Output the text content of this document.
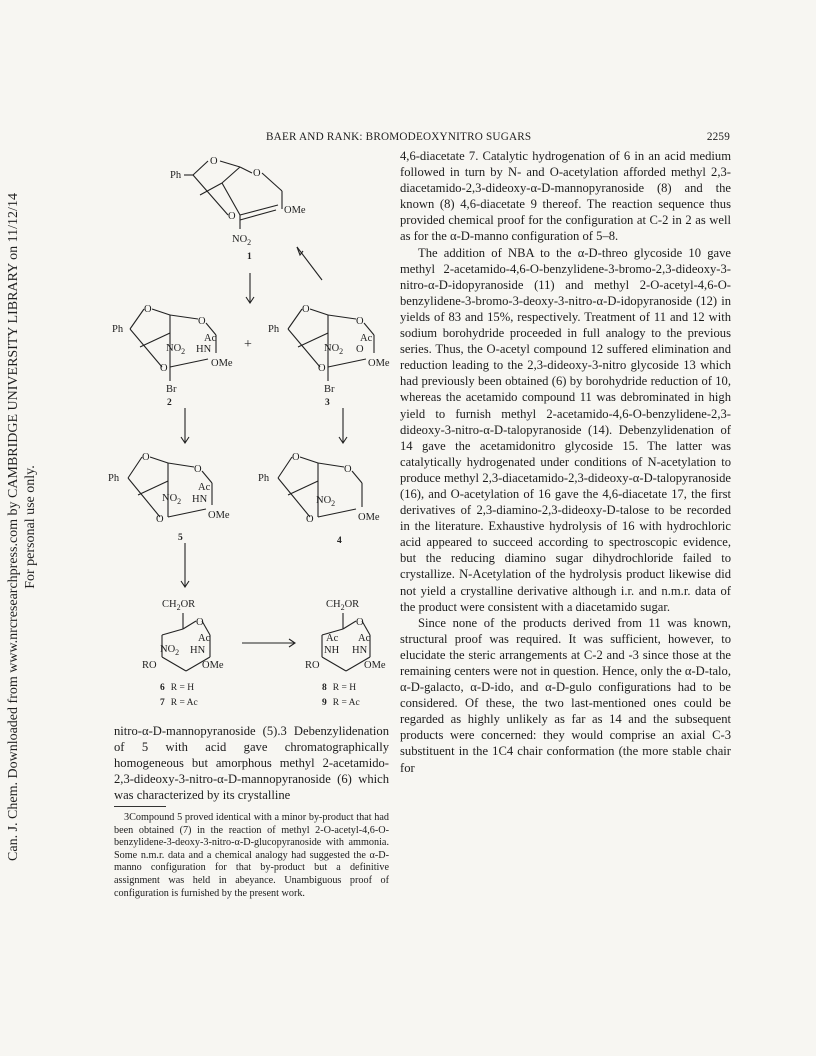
Can. J. Chem. Downloaded from www.nrcresearchpress.com by CAMBRIDGE UNIVERSITY LIBRARY on 11/12/14 For personal use only.
BAER AND RANK: BROMODEOXYNITRO SUGARS	2259
Ph
O
O
O
OMe
$NO_2$
1
Ph
O
O
Ac
$NO_2$ HN
OMe
O
Br
2
+
Ph
O
O
Ac
$NO_2$ O
OMe
O
Br
3
Ph
O
O
Ac
$NO_2$ HN
OMe
O
5
Ph
O
O
$NO_2$
OMe
O
4
$CH_2OR$
O
Ac
$NO_2$ HN
RO	OMe
6 R = H
7 R = Ac
$CH_2OR$
O
Ac Ac
NH HN
RO	OMe
8 R = H
9 R = Ac

4,6-diacetate 7. Catalytic hydrogenation of 6 in an acid medium followed in turn by N- and O-acetylation afforded methyl 2,3-diacetamido-2,3-dideoxy-α-D-mannopyranoside (8) and the known (8) 4,6-diacetate 9 thereof. The reaction sequence thus provided chemical proof for the configuration at C-2 in 2 as well as for the α-D-manno configuration of 5–8.

The addition of NBA to the α-D-threo glycoside 10 gave methyl 2-acetamido-4,6-O-benzylidene-3-bromo-2,3-dideoxy-3-nitro-α-D-idopyranoside (11) and methyl 2-O-acetyl-4,6-O-benzylidene-3-bromo-3-deoxy-3-nitro-α-D-idopyranoside (12) in yields of 83 and 15%, respectively. Treatment of 11 and 12 with sodium borohydride proceeded in full analogy to the previous series. Thus, the O-acetyl compound 12 suffered elimination and reduction leading to the 2,3-dideoxy-3-nitro glycoside 13 which had previously been obtained (6) by borohydride reduction of 10, whereas the acetamido compound 11 was debrominated in high yield to furnish methyl 2-acetamido-4,6-O-benzylidene-2,3-dideoxy-3-nitro-α-D-talopyranoside (14). Debenzylidenation of 14 gave the acetamidonitro glycoside 15. The latter was catalytically hydrogenated under conditions of N-acetylation to produce methyl 2,3-diacetamido-2,3-dideoxy-α-D-talopyranoside (16), and O-acetylation of 16 gave the 4,6-diacetate 17, the first derivatives of 2,3-diamino-2,3-dideoxy-D-talose to be recorded in the literature. Exhaustive hydrolysis of 16 with hydrochloric acid appeared to succeed according to spectroscopic evidence, but the reducing diamino sugar dihydrochloride failed to crystallize. N-Acetylation of the hydrolysis product likewise did not yield a crystalline derivative although i.r. and n.m.r. data of the product were consistent with a diacetamido sugar.

Since none of the products derived from 11 was known, structural proof was required. It was sufficient, however, to elucidate the steric arrangements at C-2 and -3 since those at the remaining centers were not in question. Hence, only the α-D-talo, α-D-galacto, α-D-ido, and α-D-gulo configurations had to be considered. Of these, the two last-mentioned ones could be regarded as highly unlikely as far as 14 and the subsequent products were concerned: they would comprise an axial C-3 substituent in the 1C4 chair conformation (the more stable chair for

nitro-α-D-mannopyranoside (5).3 Debenzylidenation of 5 with acid gave chromatographically homogeneous but amorphous methyl 2-acetamido-2,3-dideoxy-3-nitro-α-D-mannopyranoside (6) which was characterized by its crystalline

3Compound 5 proved identical with a minor by-product that had been obtained (7) in the reaction of methyl 2-O-acetyl-4,6-O-benzylidene-3-deoxy-3-nitro-α-D-glucopyranoside with ammonia. Some n.m.r. data and a chemical analogy had suggested the α-D-manno configuration for that by-product but a definitive assignment was held in abeyance. Unambiguous proof of configuration is furnished by the present work.
